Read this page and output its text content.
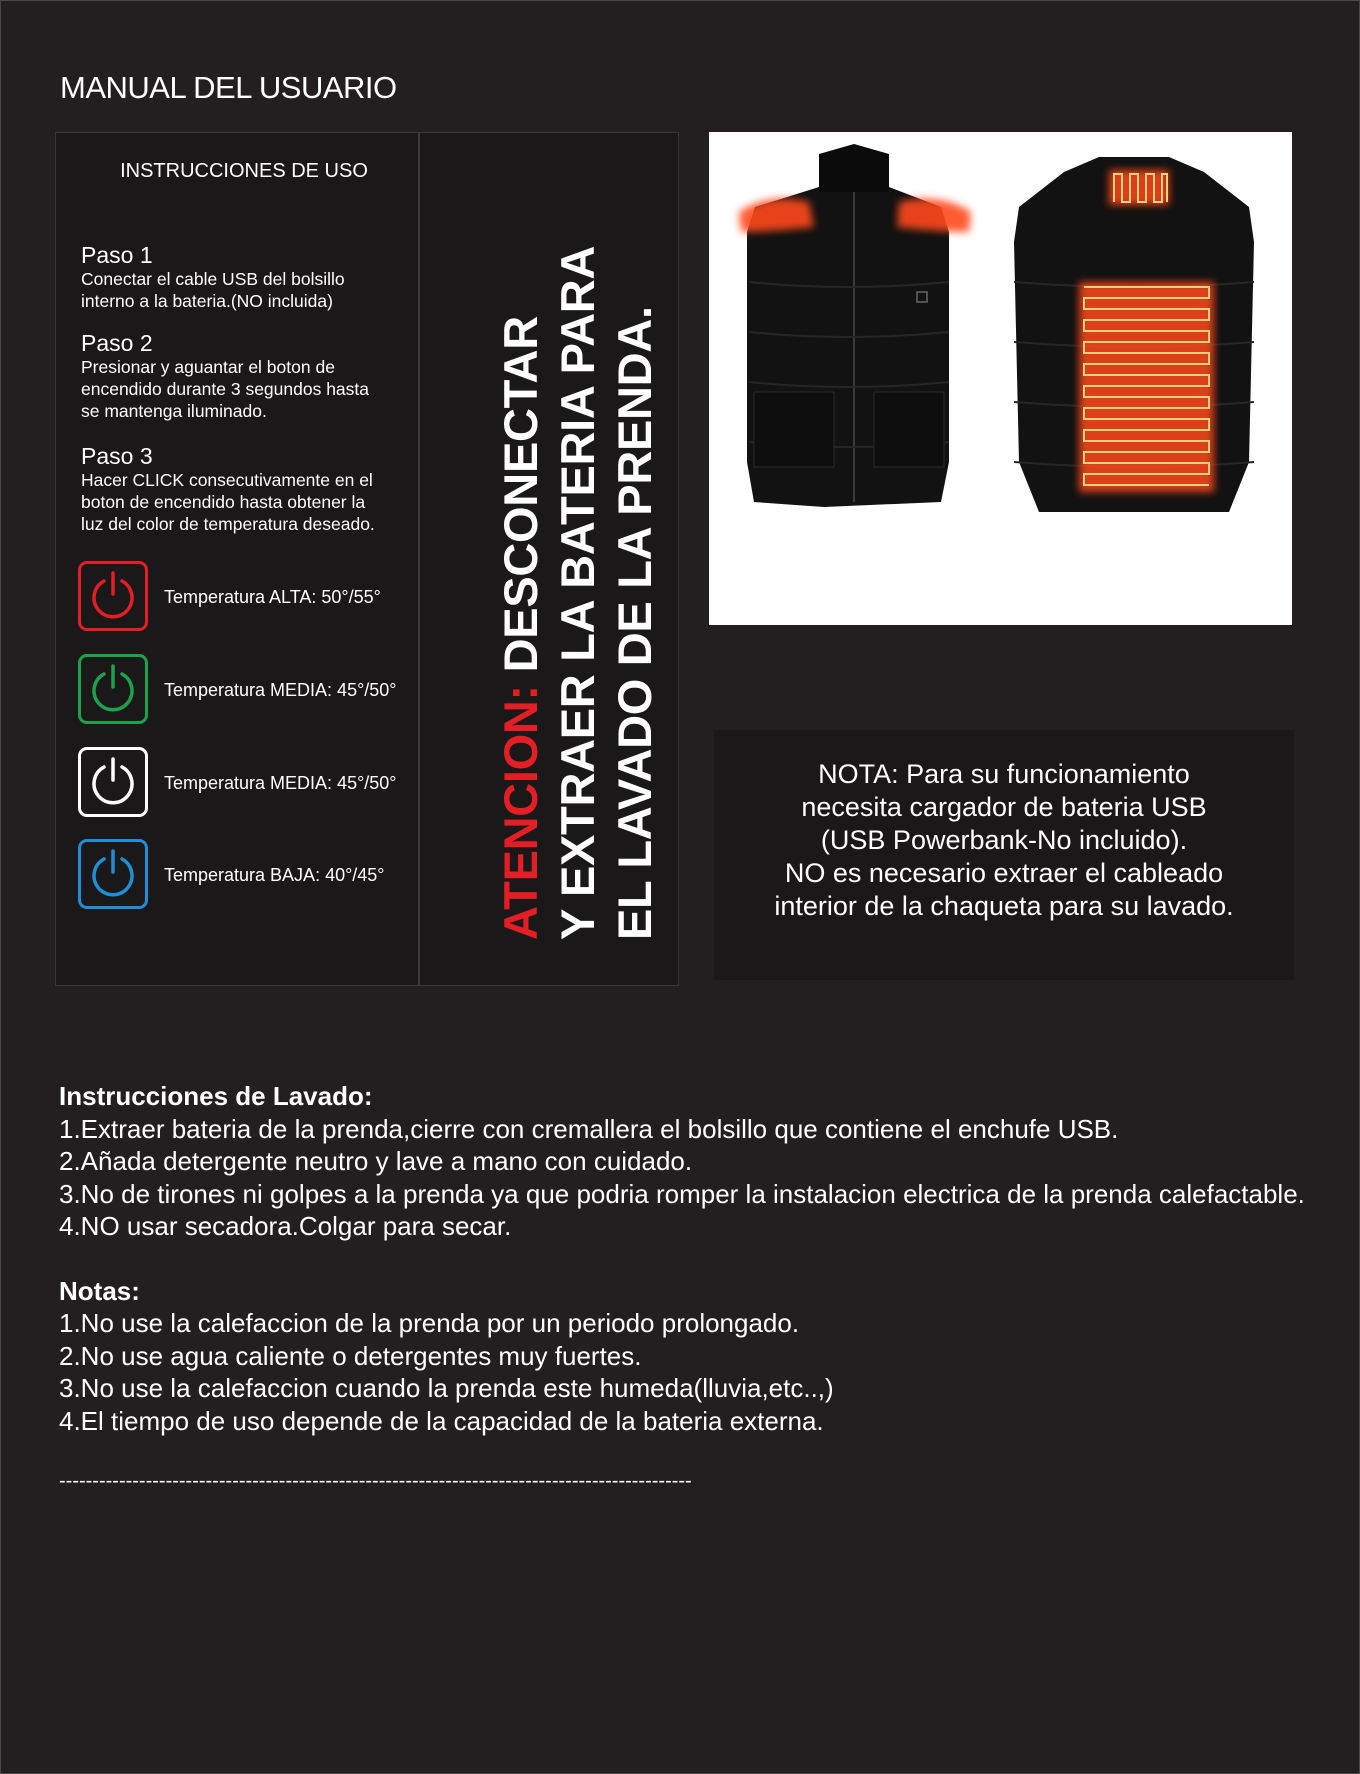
MANUAL DEL USUARIO
INSTRUCCIONES DE USO
Paso 1
Conectar el cable USB del bolsillo
interno a la bateria.(NO incluida)
Paso 2
Presionar y aguantar el boton de
encendido durante 3 segundos hasta
se mantenga iluminado.
Paso 3
Hacer CLICK consecutivamente en el
boton de encendido hasta obtener la
luz del color de temperatura deseado.
Temperatura ALTA: 50°/55°
Temperatura MEDIA: 45°/50°
Temperatura MEDIA: 45°/50°
Temperatura BAJA: 40°/45° ATENCION: DESCONECTAR Y EXTRAER LA BATERIA PARA EL LAVADO DE LA PRENDA.	NOTA: Para su funcionamiento
necesita cargador de bateria USB
(USB Powerbank-No incluido).
NO es necesario extraer el cableado
interior de la chaqueta para su lavado.
Instrucciones de Lavado:
1.Extraer bateria de la prenda,cierre con cremallera el bolsillo que contiene el enchufe USB.
2.Añada detergente neutro y lave a mano con cuidado.
3.No de tirones ni golpes a la prenda ya que podria romper la instalacion electrica de la prenda calefactable.
4.NO usar secadora.Colgar para secar.
Notas:
1.No use la calefaccion de la prenda por un periodo prolongado.
2.No use agua caliente o detergentes muy fuertes.
3.No use la calefaccion cuando la prenda este humeda(lluvia,etc..,)
4.El tiempo de uso depende de la capacidad de la bateria externa.
-----------------------------------------------------------------------------------------------
